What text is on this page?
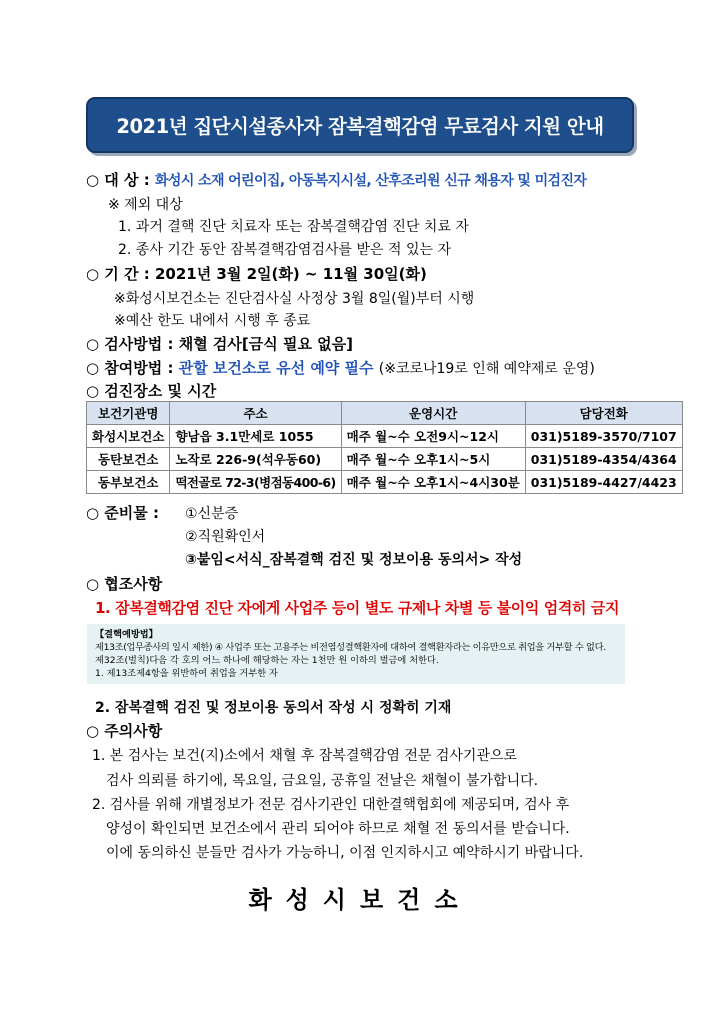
2021년 집단시설종사자 잠복결핵감염 무료검사 지원 안내
○ 대 상 : 화성시 소재 어린이집, 아동복지시설, 산후조리원 신규 채용자 및 미검진자
※ 제외 대상
1. 과거 결핵 진단 치료자 또는 잠복결핵감염 진단 치료 자
2. 종사 기간 동안 잠복결핵감염검사를 받은 적 있는 자
○ 기 간 : 2021년 3월 2일(화) ~ 11월 30일(화)
※화성시보건소는 진단검사실 사정상 3월 8일(월)부터 시행
※예산 한도 내에서 시행 후 종료
○ 검사방법 : 채혈 검사[금식 필요 없음]
○ 참여방법 : 관할 보건소로 유선 예약 필수 (※코로나19로 인해 예약제로 운영)
○ 검진장소 및 시간
보건기관명	주소	운영시간	담당전화
화성시보건소	향남읍 3.1만세로 1055	매주 월~수 오전9시~12시	031)5189-3570/7107
동탄보건소	노작로 226-9(석우동60)	매주 월~수 오후1시~5시	031)5189-4354/4364
동부보건소	떡전골로 72-3(병점동400-6)	매주 월~수 오후1시~4시30분	031)5189-4427/4423
○ 준비물 : ①신분증
②직원확인서
③붙임<서식_잠복결핵 검진 및 정보이용 동의서> 작성
○ 협조사항
1. 잠복결핵감염 진단 자에게 사업주 등이 별도 규제나 차별 등 불이익 엄격히 금지
【결핵예방법】
제13조(업무종사의 일시 제한) ④ 사업주 또는 고용주는 비전염성결핵환자에 대하여 결핵환자라는 이유만으로 취업을 거부할 수 없다.
제32조(벌칙)다음 각 호의 어느 하나에 해당하는 자는 1천만 원 이하의 벌금에 처한다.
1. 제13조제4항을 위반하여 취업을 거부한 자
2. 잠복결핵 검진 및 정보이용 동의서 작성 시 정확히 기재
○ 주의사항
1. 본 검사는 보건(지)소에서 채혈 후 잠복결핵감염 전문 검사기관으로
검사 의뢰를 하기에, 목요일, 금요일, 공휴일 전날은 채혈이 불가합니다.
2. 검사를 위해 개별정보가 전문 검사기관인 대한결핵협회에 제공되며, 검사 후
양성이 확인되면 보건소에서 관리 되어야 하므로 채혈 전 동의서를 받습니다.
이에 동의하신 분들만 검사가 가능하니, 이점 인지하시고 예약하시기 바랍니다.
화성시보건소
